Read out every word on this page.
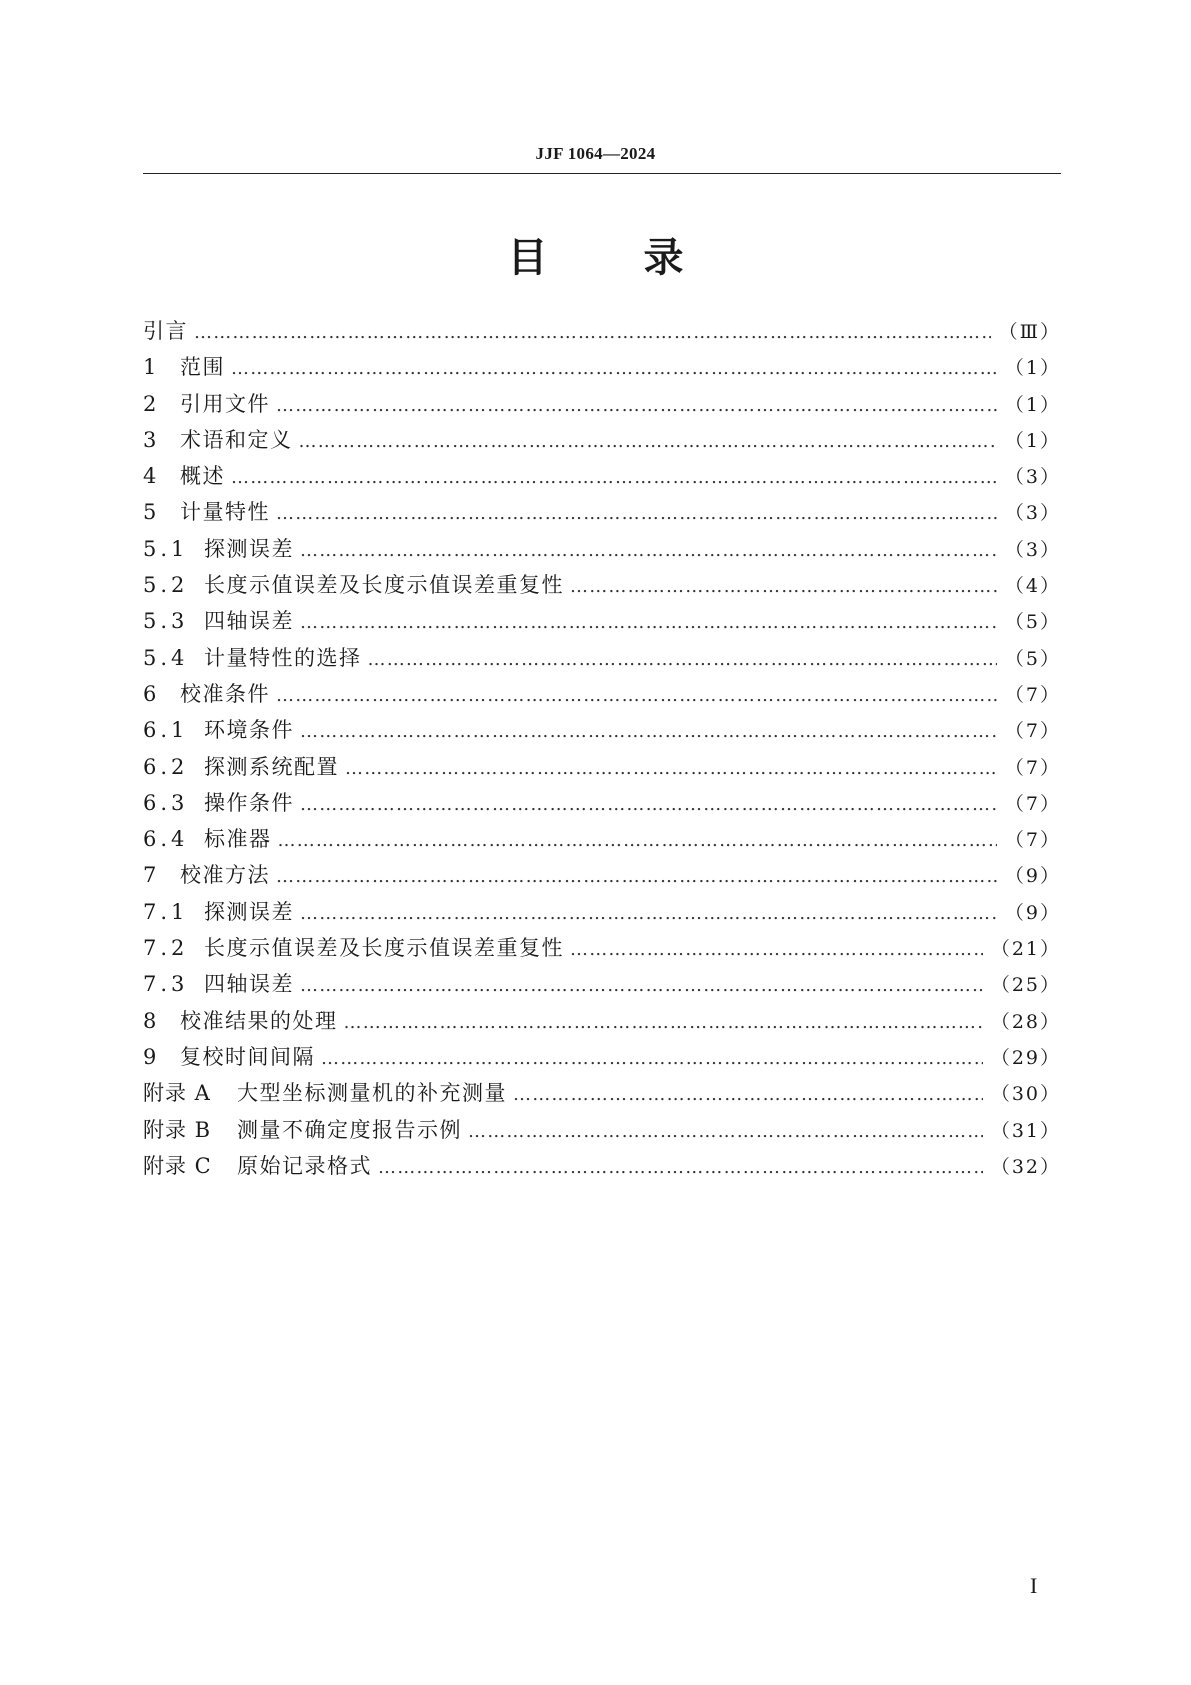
JJF 1064—2024
目 录
引言 ……………………………………………………………………………………………………………………………………………………………………	（Ⅲ）
1 范围 ……………………………………………………………………………………………………………………………………………………………………	（1）
2 引用文件 ……………………………………………………………………………………………………………………………………………………………………	（1）
3 术语和定义 ……………………………………………………………………………………………………………………………………………………………………	（1）
4 概述 ……………………………………………………………………………………………………………………………………………………………………	（3）
5 计量特性 ……………………………………………………………………………………………………………………………………………………………………	（3）
5.1 探测误差 ……………………………………………………………………………………………………………………………………………………………………	（3）
5.2 长度示值误差及长度示值误差重复性 ……………………………………………………………………………………………………………………………………………………………………	（4）
5.3 四轴误差 ……………………………………………………………………………………………………………………………………………………………………	（5）
5.4 计量特性的选择 ……………………………………………………………………………………………………………………………………………………………………	（5）
6 校准条件 ……………………………………………………………………………………………………………………………………………………………………	（7）
6.1 环境条件 ……………………………………………………………………………………………………………………………………………………………………	（7）
6.2 探测系统配置 ……………………………………………………………………………………………………………………………………………………………………	（7）
6.3 操作条件 ……………………………………………………………………………………………………………………………………………………………………	（7）
6.4 标准器 ……………………………………………………………………………………………………………………………………………………………………	（7）
7 校准方法 ……………………………………………………………………………………………………………………………………………………………………	（9）
7.1 探测误差 ……………………………………………………………………………………………………………………………………………………………………	（9）
7.2 长度示值误差及长度示值误差重复性 ……………………………………………………………………………………………………………………………………………………………………	（21）
7.3 四轴误差 ……………………………………………………………………………………………………………………………………………………………………	（25）
8 校准结果的处理 ……………………………………………………………………………………………………………………………………………………………………	（28）
9 复校时间间隔 ……………………………………………………………………………………………………………………………………………………………………	（29）
附录 A	大型坐标测量机的补充测量 ……………………………………………………………………………………………………………………………………………………………………	（30）
附录 B	测量不确定度报告示例 ……………………………………………………………………………………………………………………………………………………………………	（31）
附录 C	原始记录格式 ……………………………………………………………………………………………………………………………………………………………………	（32）
I
